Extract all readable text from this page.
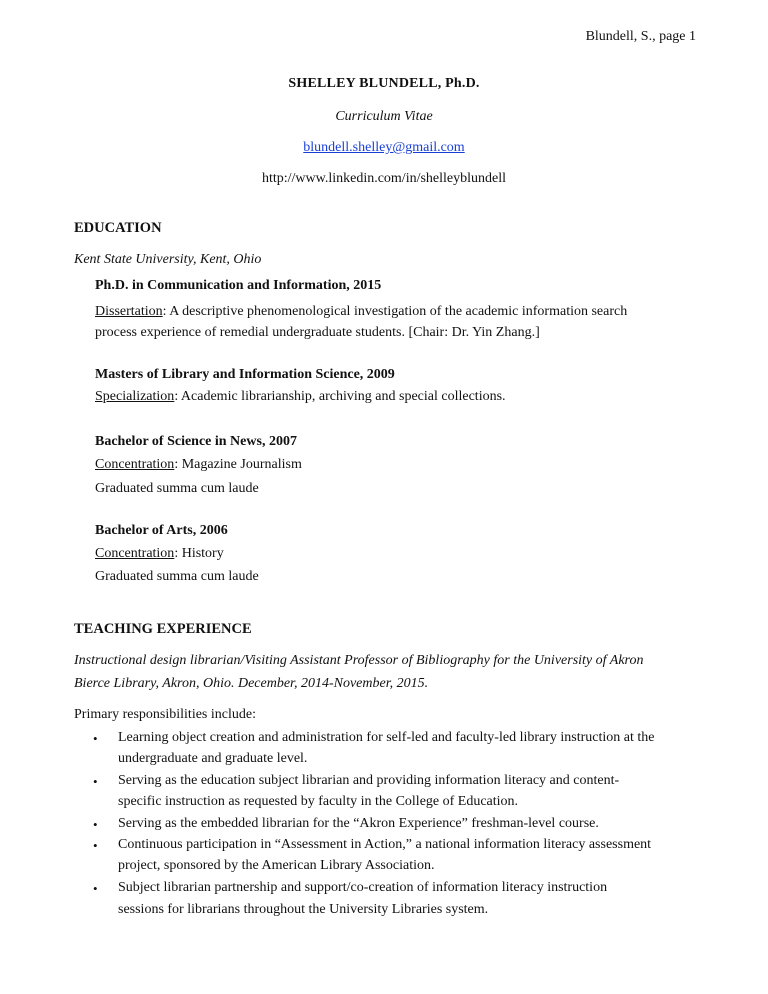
Blundell, S., page 1
SHELLEY BLUNDELL, Ph.D.
Curriculum Vitae
blundell.shelley@gmail.com
http://www.linkedin.com/in/shelleyblundell
EDUCATION
Kent State University, Kent, Ohio
Ph.D. in Communication and Information, 2015
Dissertation: A descriptive phenomenological investigation of the academic information search
process experience of remedial undergraduate students. [Chair: Dr. Yin Zhang.]
Masters of Library and Information Science, 2009
Specialization: Academic librarianship, archiving and special collections.
Bachelor of Science in News, 2007
Concentration: Magazine Journalism
Graduated summa cum laude
Bachelor of Arts, 2006
Concentration: History
Graduated summa cum laude
TEACHING EXPERIENCE
Instructional design librarian/Visiting Assistant Professor of Bibliography for the University of Akron
Bierce Library, Akron, Ohio. December, 2014-November, 2015.
Primary responsibilities include:
• Learning object creation and administration for self-led and faculty-led library instruction at the
undergraduate and graduate level.
• Serving as the education subject librarian and providing information literacy and content-
specific instruction as requested by faculty in the College of Education.
• Serving as the embedded librarian for the “Akron Experience” freshman-level course.
• Continuous participation in “Assessment in Action,” a national information literacy assessment
project, sponsored by the American Library Association.
• Subject librarian partnership and support/co-creation of information literacy instruction
sessions for librarians throughout the University Libraries system.
